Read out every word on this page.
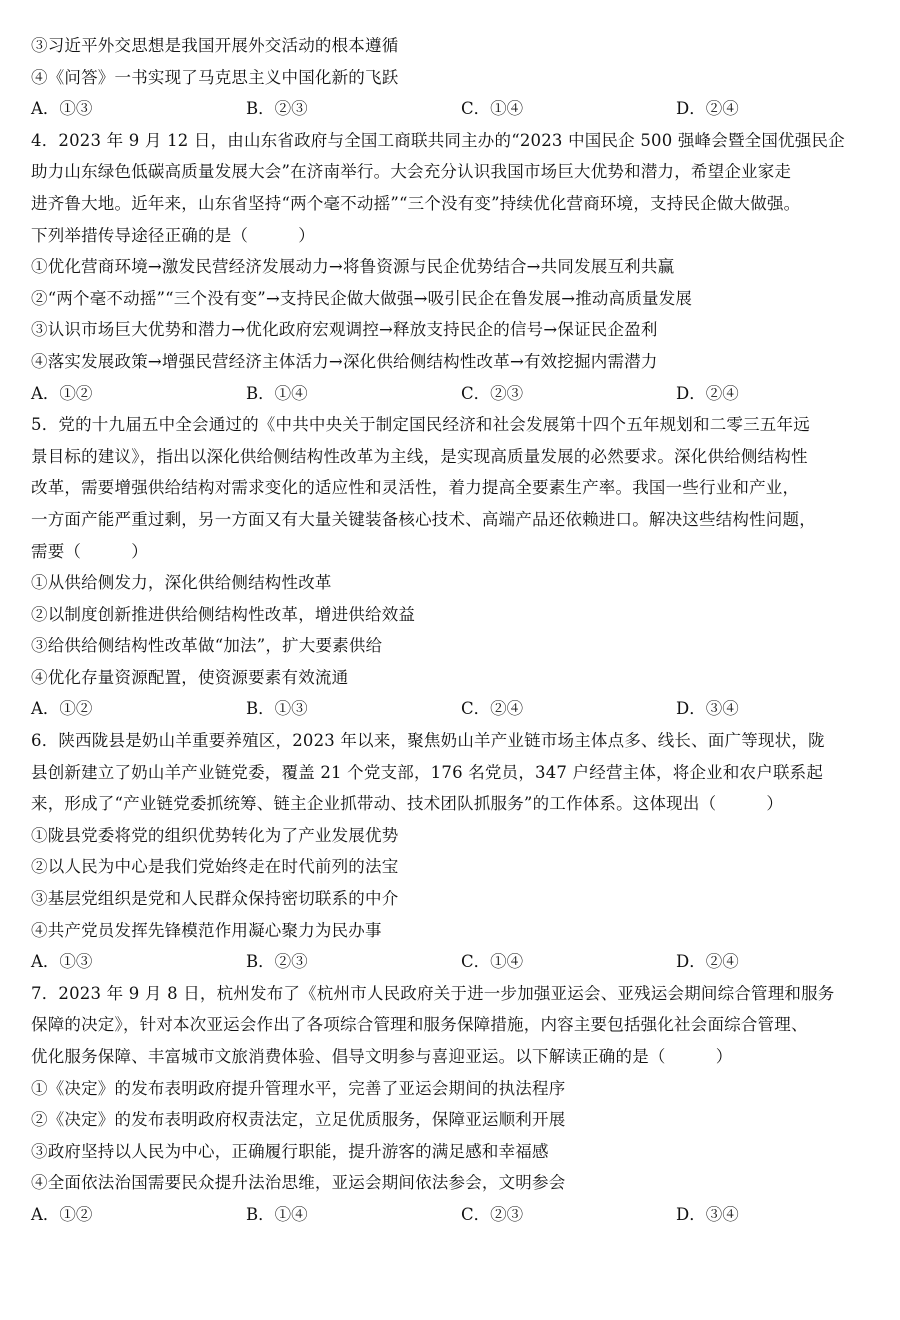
③习近平外交思想是我国开展外交活动的根本遵循
④《问答》一书实现了马克思主义中国化新的飞跃
A．①③	B．②③	C．①④	D．②④
4．2023 年 9 月 12 日，由山东省政府与全国工商联共同主办的“2023 中国民企 500 强峰会暨全国优强民企
助力山东绿色低碳高质量发展大会”在济南举行。大会充分认识我国市场巨大优势和潜力，希望企业家走
进齐鲁大地。近年来，山东省坚持“两个毫不动摇”“三个没有变”持续优化营商环境，支持民企做大做强。
下列举措传导途径正确的是（　　　）
①优化营商环境→激发民营经济发展动力→将鲁资源与民企优势结合→共同发展互利共赢
②“两个毫不动摇”“三个没有变”→支持民企做大做强→吸引民企在鲁发展→推动高质量发展
③认识市场巨大优势和潜力→优化政府宏观调控→释放支持民企的信号→保证民企盈利
④落实发展政策→增强民营经济主体活力→深化供给侧结构性改革→有效挖掘内需潜力
A．①②	B．①④	C．②③	D．②④
5．党的十九届五中全会通过的《中共中央关于制定国民经济和社会发展第十四个五年规划和二零三五年远
景目标的建议》，指出以深化供给侧结构性改革为主线，是实现高质量发展的必然要求。深化供给侧结构性
改革，需要增强供给结构对需求变化的适应性和灵活性，着力提高全要素生产率。我国一些行业和产业，
一方面产能严重过剩，另一方面又有大量关键装备核心技术、高端产品还依赖进口。解决这些结构性问题，
需要（　　　）
①从供给侧发力，深化供给侧结构性改革
②以制度创新推进供给侧结构性改革，增进供给效益
③给供给侧结构性改革做“加法”，扩大要素供给
④优化存量资源配置，使资源要素有效流通
A．①②	B．①③	C．②④	D．③④
6．陕西陇县是奶山羊重要养殖区，2023 年以来，聚焦奶山羊产业链市场主体点多、线长、面广等现状，陇
县创新建立了奶山羊产业链党委，覆盖 21 个党支部，176 名党员，347 户经营主体，将企业和农户联系起
来，形成了“产业链党委抓统筹、链主企业抓带动、技术团队抓服务”的工作体系。这体现出（　　　）
①陇县党委将党的组织优势转化为了产业发展优势
②以人民为中心是我们党始终走在时代前列的法宝
③基层党组织是党和人民群众保持密切联系的中介
④共产党员发挥先锋模范作用凝心聚力为民办事
A．①③	B．②③	C．①④	D．②④
7．2023 年 9 月 8 日，杭州发布了《杭州市人民政府关于进一步加强亚运会、亚残运会期间综合管理和服务
保障的决定》，针对本次亚运会作出了各项综合管理和服务保障措施，内容主要包括强化社会面综合管理、
优化服务保障、丰富城市文旅消费体验、倡导文明参与喜迎亚运。以下解读正确的是（　　　）
①《决定》的发布表明政府提升管理水平，完善了亚运会期间的执法程序
②《决定》的发布表明政府权责法定，立足优质服务，保障亚运顺利开展
③政府坚持以人民为中心，正确履行职能，提升游客的满足感和幸福感
④全面依法治国需要民众提升法治思维，亚运会期间依法参会，文明参会
A．①②	B．①④	C．②③	D．③④
